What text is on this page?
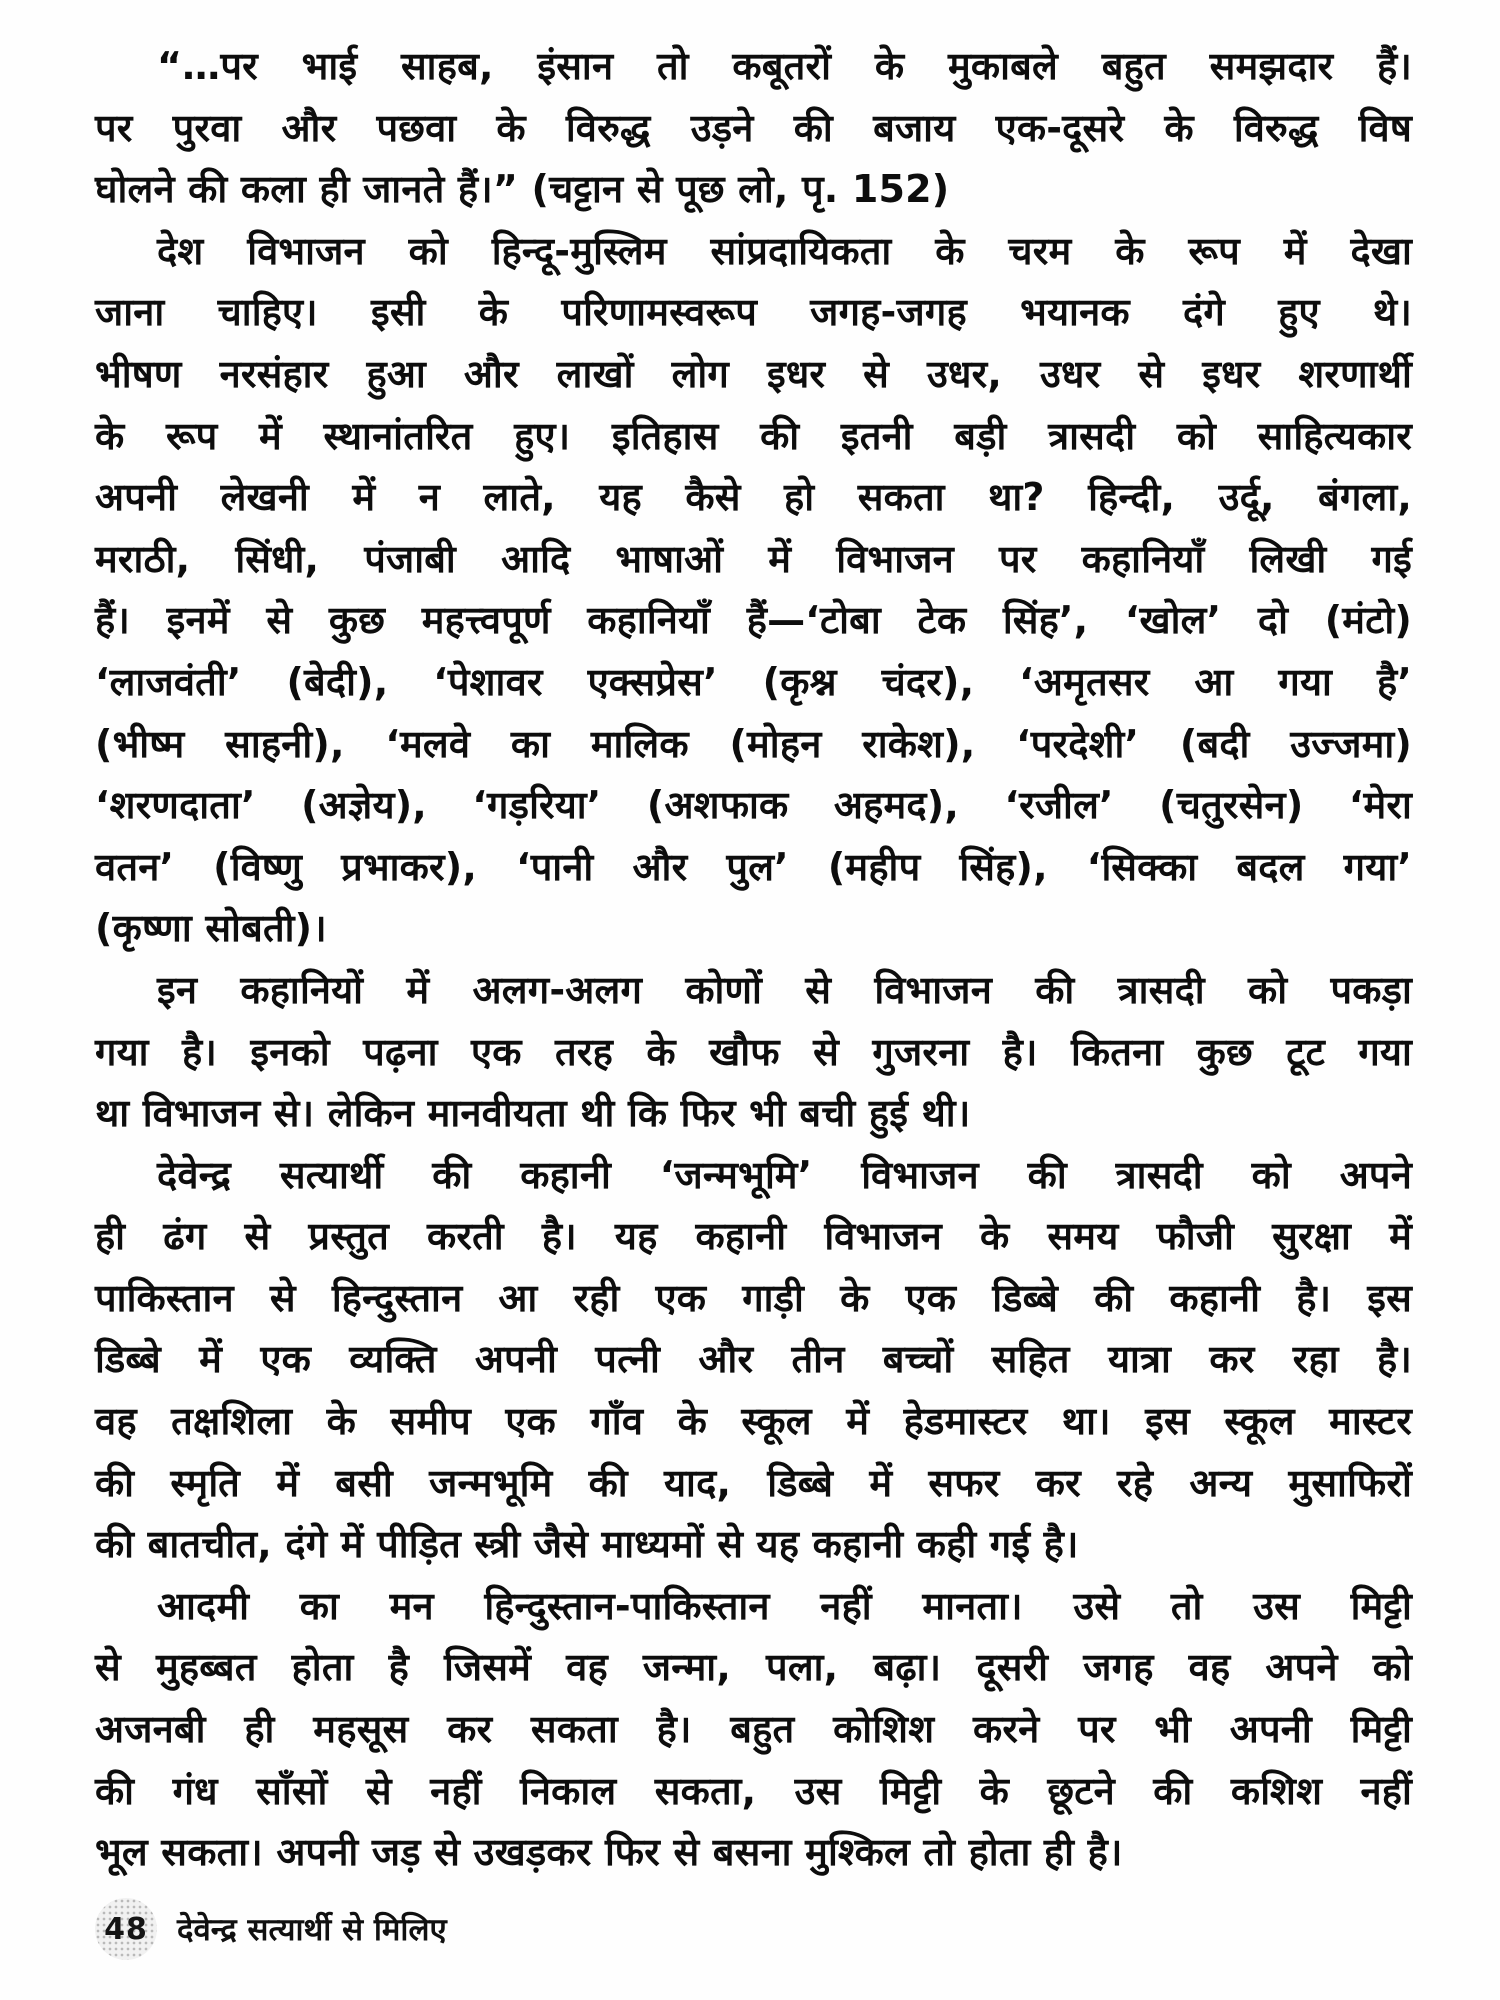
“…पर भाई साहब, इंसान तो कबूतरों के मुकाबले बहुत समझदार हैं।
पर पुरवा और पछवा के विरुद्ध उड़ने की बजाय एक-दूसरे के विरुद्ध विष
घोलने की कला ही जानते हैं।” (चट्टान से पूछ लो, पृ. 152)
देश विभाजन को हिन्दू-मुस्लिम सांप्रदायिकता के चरम के रूप में देखा
जाना चाहिए। इसी के परिणामस्वरूप जगह-जगह भयानक दंगे हुए थे।
भीषण नरसंहार हुआ और लाखों लोग इधर से उधर, उधर से इधर शरणार्थी
के रूप में स्थानांतरित हुए। इतिहास की इतनी बड़ी त्रासदी को साहित्यकार
अपनी लेखनी में न लाते, यह कैसे हो सकता था? हिन्दी, उर्दू, बंगला,
मराठी, सिंधी, पंजाबी आदि भाषाओं में विभाजन पर कहानियाँ लिखी गई
हैं। इनमें से कुछ महत्त्वपूर्ण कहानियाँ हैं—‘टोबा टेक सिंह’, ‘खोल’ दो (मंटो)
‘लाजवंती’ (बेदी), ‘पेशावर एक्सप्रेस’ (कृश्न चंदर), ‘अमृतसर आ गया है’
(भीष्म साहनी), ‘मलवे का मालिक (मोहन राकेश), ‘परदेशी’ (बदी उज्जमा)
‘शरणदाता’ (अज्ञेय), ‘गड़रिया’ (अशफाक अहमद), ‘रजील’ (चतुरसेन) ‘मेरा
वतन’ (विष्णु प्रभाकर), ‘पानी और पुल’ (महीप सिंह), ‘सिक्का बदल गया’
(कृष्णा सोबती)।
इन कहानियों में अलग-अलग कोणों से विभाजन की त्रासदी को पकड़ा
गया है। इनको पढ़ना एक तरह के खौफ से गुजरना है। कितना कुछ टूट गया
था विभाजन से। लेकिन मानवीयता थी कि फिर भी बची हुई थी।
देवेन्द्र सत्यार्थी की कहानी ‘जन्मभूमि’ विभाजन की त्रासदी को अपने
ही ढंग से प्रस्तुत करती है। यह कहानी विभाजन के समय फौजी सुरक्षा में
पाकिस्तान से हिन्दुस्तान आ रही एक गाड़ी के एक डिब्बे की कहानी है। इस
डिब्बे में एक व्यक्ति अपनी पत्नी और तीन बच्चों सहित यात्रा कर रहा है।
वह तक्षशिला के समीप एक गाँव के स्कूल में हेडमास्टर था। इस स्कूल मास्टर
की स्मृति में बसी जन्मभूमि की याद, डिब्बे में सफर कर रहे अन्य मुसाफिरों
की बातचीत, दंगे में पीड़ित स्त्री जैसे माध्यमों से यह कहानी कही गई है।
आदमी का मन हिन्दुस्तान-पाकिस्तान नहीं मानता। उसे तो उस मिट्टी
से मुहब्बत होता है जिसमें वह जन्मा, पला, बढ़ा। दूसरी जगह वह अपने को
अजनबी ही महसूस कर सकता है। बहुत कोशिश करने पर भी अपनी मिट्टी
की गंध साँसों से नहीं निकाल सकता, उस मिट्टी के छूटने की कशिश नहीं
भूल सकता। अपनी जड़ से उखड़कर फिर से बसना मुश्किल तो होता ही है।
48 देवेन्द्र सत्यार्थी से मिलिए
